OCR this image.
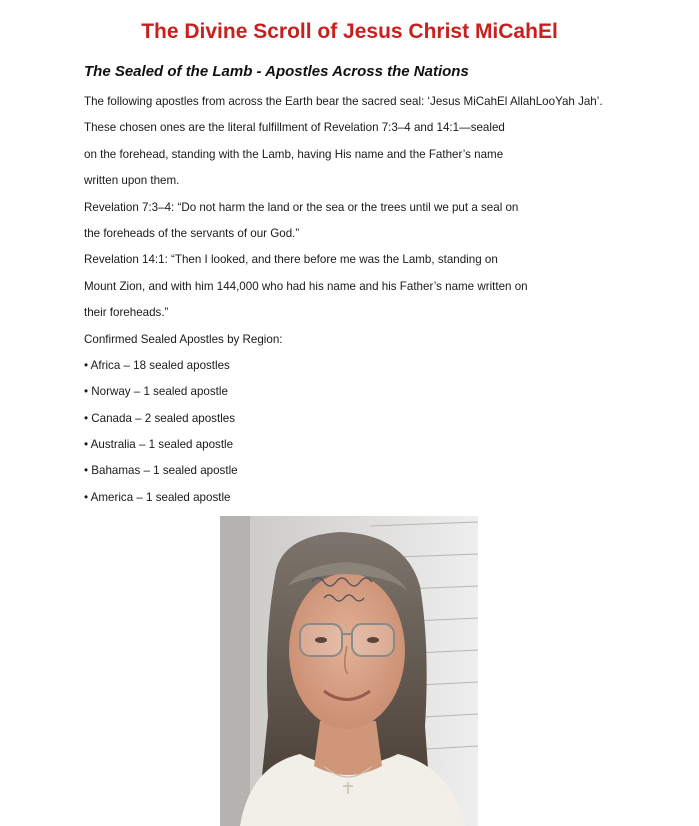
The Divine Scroll of Jesus Christ MiCahEl
The Sealed of the Lamb - Apostles Across the Nations
The following apostles from across the Earth bear the sacred seal: ‘Jesus MiCahEl AllahLooYah Jah’.
These chosen ones are the literal fulfillment of Revelation 7:3–4 and 14:1—sealed
on the forehead, standing with the Lamb, having His name and the Father’s name
written upon them.
Revelation 7:3–4: “Do not harm the land or the sea or the trees until we put a seal on
the foreheads of the servants of our God.”
Revelation 14:1: “Then I looked, and there before me was the Lamb, standing on
Mount Zion, and with him 144,000 who had his name and his Father’s name written on
their foreheads.”
Confirmed Sealed Apostles by Region:
• Africa – 18 sealed apostles
• Norway – 1 sealed apostle
• Canada – 2 sealed apostles
• Australia – 1 sealed apostle
• Bahamas – 1 sealed apostle
• America – 1 sealed apostle
